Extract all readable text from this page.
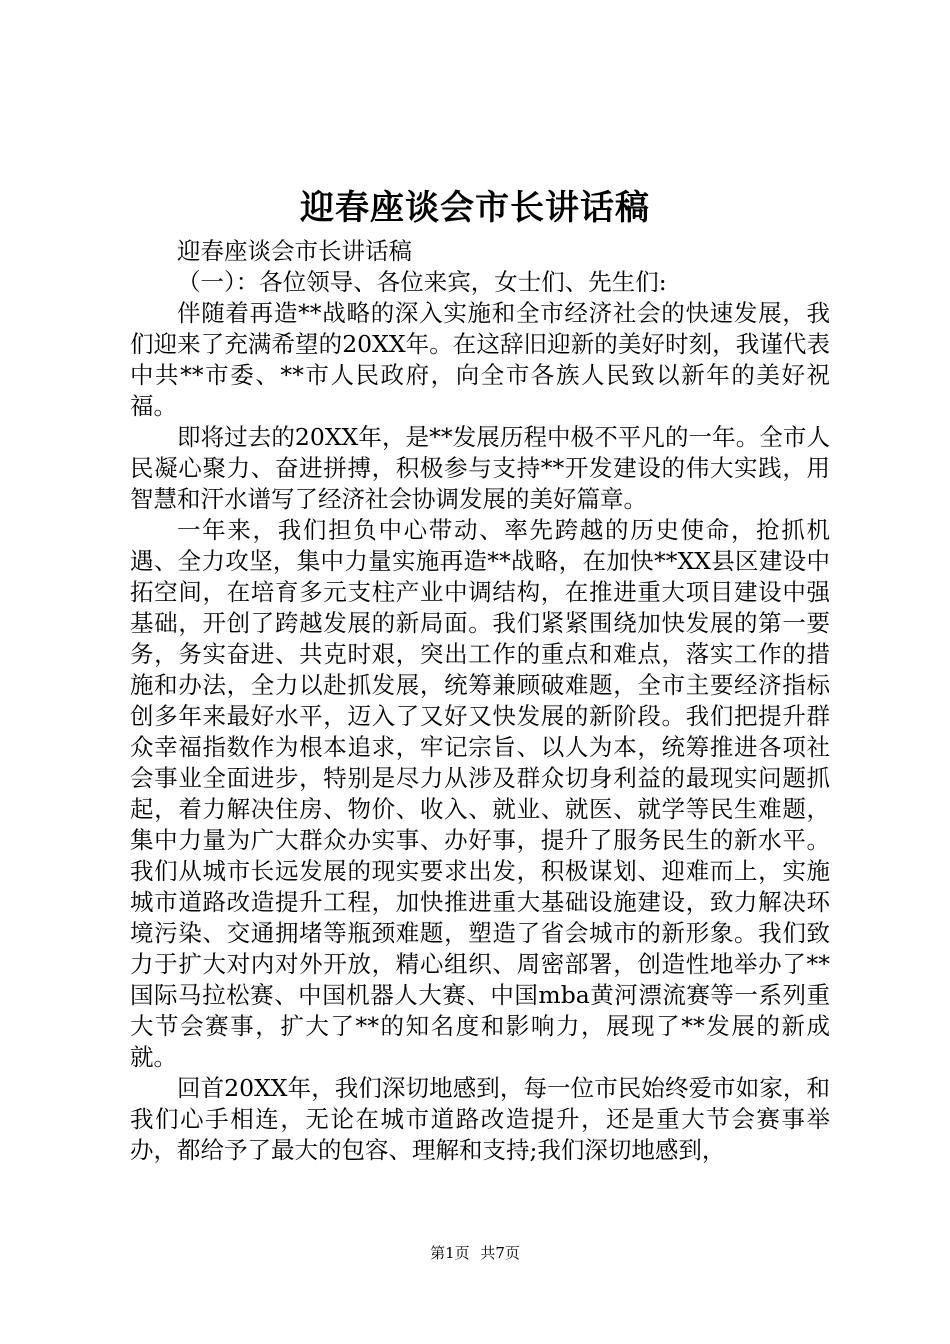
迎春座谈会市长讲话稿

迎春座谈会市长讲话稿

（一）：各位领导、各位来宾，女士们、先生们:

伴随着再造**战略的深入实施和全市经济社会的快速发展，我们迎来了充满希望的20XX年。在这辞旧迎新的美好时刻，我谨代表中共**市委、**市人民政府，向全市各族人民致以新年的美好祝福。

即将过去的20XX年，是**发展历程中极不平凡的一年。全市人民凝心聚力、奋进拼搏，积极参与支持**开发建设的伟大实践，用智慧和汗水谱写了经济社会协调发展的美好篇章。

一年来，我们担负中心带动、率先跨越的历史使命，抢抓机遇、全力攻坚，集中力量实施再造**战略，在加快**XX县区建设中拓空间，在培育多元支柱产业中调结构，在推进重大项目建设中强基础，开创了跨越发展的新局面。我们紧紧围绕加快发展的第一要务，务实奋进、共克时艰，突出工作的重点和难点，落实工作的措施和办法，全力以赴抓发展，统筹兼顾破难题，全市主要经济指标创多年来最好水平，迈入了又好又快发展的新阶段。我们把提升群众幸福指数作为根本追求，牢记宗旨、以人为本，统筹推进各项社会事业全面进步，特别是尽力从涉及群众切身利益的最现实问题抓起，着力解决住房、物价、收入、就业、就医、就学等民生难题，集中力量为广大群众办实事、办好事，提升了服务民生的新水平。我们从城市长远发展的现实要求出发，积极谋划、迎难而上，实施城市道路改造提升工程，加快推进重大基础设施建设，致力解决环境污染、交通拥堵等瓶颈难题，塑造了省会城市的新形象。我们致力于扩大对内对外开放，精心组织、周密部署，创造性地举办了**国际马拉松赛、中国机器人大赛、中国mba黄河漂流赛等一系列重大节会赛事，扩大了**的知名度和影响力，展现了**发展的新成就。

回首20XX年，我们深切地感到，每一位市民始终爱市如家，和我们心手相连，无论在城市道路改造提升，还是重大节会赛事举办，都给予了最大的包容、理解和支持;我们深切地感到，

第1页 共7页
